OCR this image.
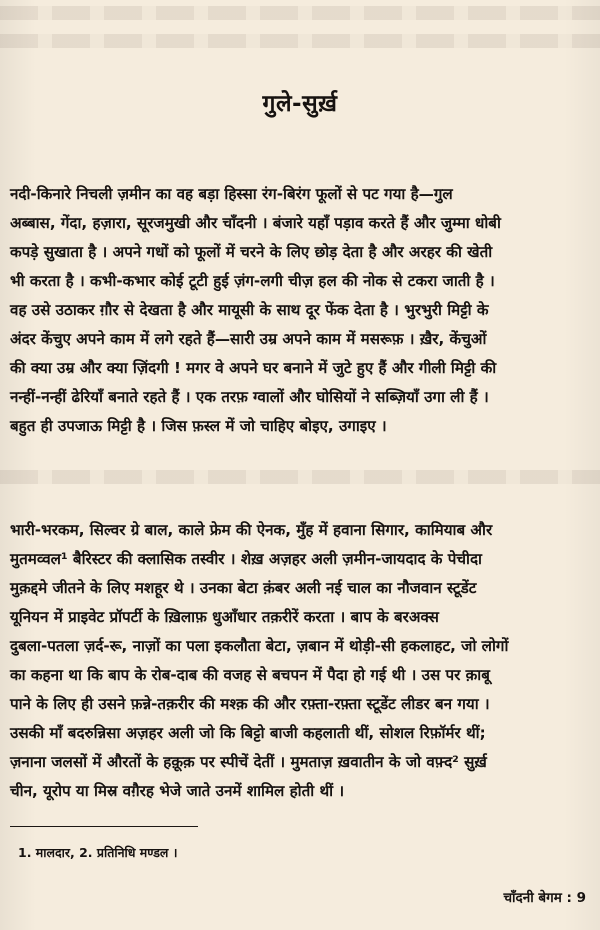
गुले-सुर्ख़

नदी-किनारे निचली ज़मीन का वह बड़ा हिस्सा रंग-बिरंग फूलों से पट गया है—गुल
अब्बास, गेंदा, हज़ारा, सूरजमुखी और चाँदनी । बंजारे यहाँ पड़ाव करते हैं और जुम्मा धोबी
कपड़े सुखाता है । अपने गधों को फूलों में चरने के लिए छोड़ देता है और अरहर की खेती
भी करता है । कभी-कभार कोई टूटी हुई ज़ंग-लगी चीज़ हल की नोक से टकरा जाती है ।
वह उसे उठाकर ग़ौर से देखता है और मायूसी के साथ दूर फेंक देता है । भुरभुरी मिट्टी के
अंदर केंचुए अपने काम में लगे रहते हैं—सारी उम्र अपने काम में मसरूफ़ । ख़ैर, केंचुओं
की क्या उम्र और क्या ज़िंदगी ! मगर वे अपने घर बनाने में जुटे हुए हैं और गीली मिट्टी की
नन्हीं-नन्हीं ढेरियाँ बनाते रहते हैं । एक तरफ़ ग्वालों और घोसियों ने सब्ज़ियाँ उगा ली हैं ।
बहुत ही उपजाऊ मिट्टी है । जिस फ़स्ल में जो चाहिए बोइए, उगाइए ।

भारी-भरकम, सिल्वर ग्रे बाल, काले फ्रेम की ऐनक, मुँह में हवाना सिगार, कामियाब और
मुतमव्वल¹ बैरिस्टर की क्लासिक तस्वीर । शेख़ अज़हर अली ज़मीन-जायदाद के पेचीदा
मुक़द्दमे जीतने के लिए मशहूर थे । उनका बेटा क़ंबर अली नई चाल का नौजवान स्टूडेंट
यूनियन में प्राइवेट प्रॉपर्टी के ख़िलाफ़ धुआँधार तक़रीरें करता । बाप के बरअक्स
दुबला-पतला ज़र्द-रू, नाज़ों का पला इकलौता बेटा, ज़बान में थोड़ी-सी हकलाहट, जो लोगों
का कहना था कि बाप के रोब-दाब की वजह से बचपन में पैदा हो गई थी । उस पर क़ाबू
पाने के लिए ही उसने फ़न्ने-तक़रीर की मश्क़ की और रफ़्ता-रफ़्ता स्टूडेंट लीडर बन गया ।
उसकी माँ बदरुन्निसा अज़हर अली जो कि बिट्टो बाजी कहलाती थीं, सोशल रिफ़ॉर्मर थीं;
ज़नाना जलसों में औरतों के हक़ूक़ पर स्पीचें देतीं । मुमताज़ ख़वातीन के जो वफ़्द² सुर्ख़
चीन, यूरोप या मिस्र वग़ैरह भेजे जाते उनमें शामिल होती थीं ।

1. मालदार, 2. प्रतिनिधि मण्डल ।
चाँदनी बेगम : 9
